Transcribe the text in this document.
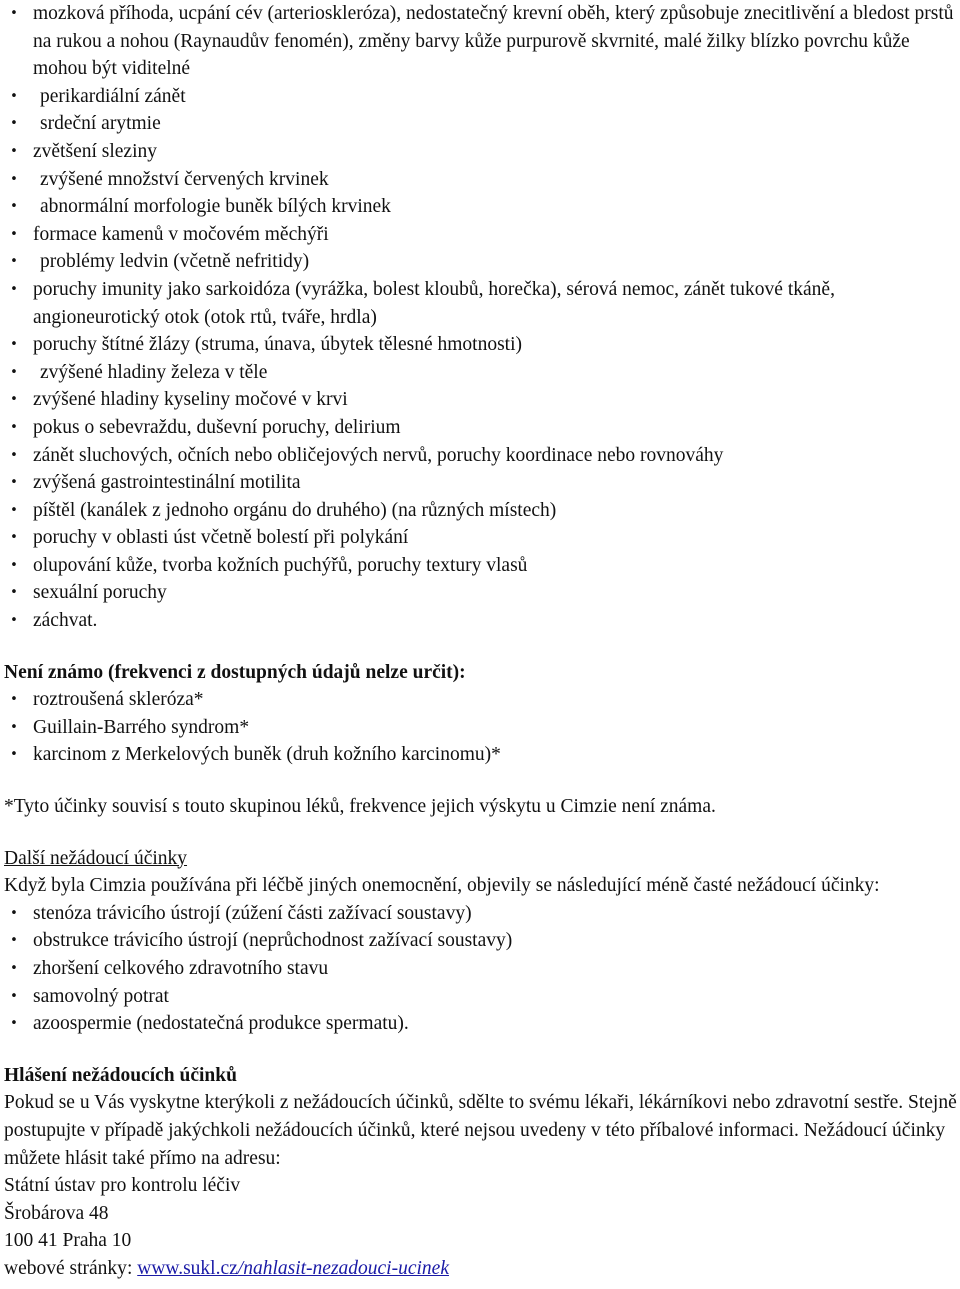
• mozková příhoda, ucpání cév (arterioskleróza), nedostatečný krevní oběh, který způsobuje znecitlivění a bledost prstů na rukou a nohou (Raynaudův fenomén), změny barvy kůže purpurově skvrnité, malé žilky blízko povrchu kůže mohou být viditelné
•	perikardiální zánět
•	srdeční arytmie
• zvětšení sleziny
•	zvýšené množství červených krvinek
•	abnormální morfologie buněk bílých krvinek
• formace kamenů v močovém měchýři
•	problémy ledvin (včetně nefritidy)
• poruchy imunity jako sarkoidóza (vyrážka, bolest kloubů, horečka), sérová nemoc, zánět tukové tkáně, angioneurotický otok (otok rtů, tváře, hrdla)
• poruchy štítné žlázy (struma, únava, úbytek tělesné hmotnosti)
•	zvýšené hladiny železa v těle
• zvýšené hladiny kyseliny močové v krvi
• pokus o sebevraždu, duševní poruchy, delirium
• zánět sluchových, očních nebo obličejových nervů, poruchy koordinace nebo rovnováhy
• zvýšená gastrointestinální motilita
• píštěl (kanálek z jednoho orgánu do druhého) (na různých místech)
• poruchy v oblasti úst včetně bolestí při polykání
• olupování kůže, tvorba kožních puchýřů, poruchy textury vlasů
• sexuální poruchy
• záchvat.

Není známo (frekvenci z dostupných údajů nelze určit):

• roztroušená skleróza*
• Guillain-Barrého syndrom*
• karcinom z Merkelových buněk (druh kožního karcinomu)*

*Tyto účinky souvisí s touto skupinou léků, frekvence jejich výskytu u Cimzie není známa.

Další nežádoucí účinky

Když byla Cimzia používána při léčbě jiných onemocnění, objevily se následující méně časté nežádoucí účinky:

• stenóza trávicího ústrojí (zúžení části zažívací soustavy)
• obstrukce trávicího ústrojí (neprůchodnost zažívací soustavy)
• zhoršení celkového zdravotního stavu
• samovolný potrat
• azoospermie (nedostatečná produkce spermatu).

Hlášení nežádoucích účinků

Pokud se u Vás vyskytne kterýkoli z nežádoucích účinků, sdělte to svému lékaři, lékárníkovi nebo zdravotní sestře. Stejně postupujte v případě jakýchkoli nežádoucích účinků, které nejsou uvedeny v této příbalové informaci. Nežádoucí účinky můžete hlásit také přímo na adresu:

Státní ústav pro kontrolu léčiv

Šrobárova 48

100 41 Praha 10

webové stránky: www.sukl.cz/nahlasit-nezadouci-ucinek
